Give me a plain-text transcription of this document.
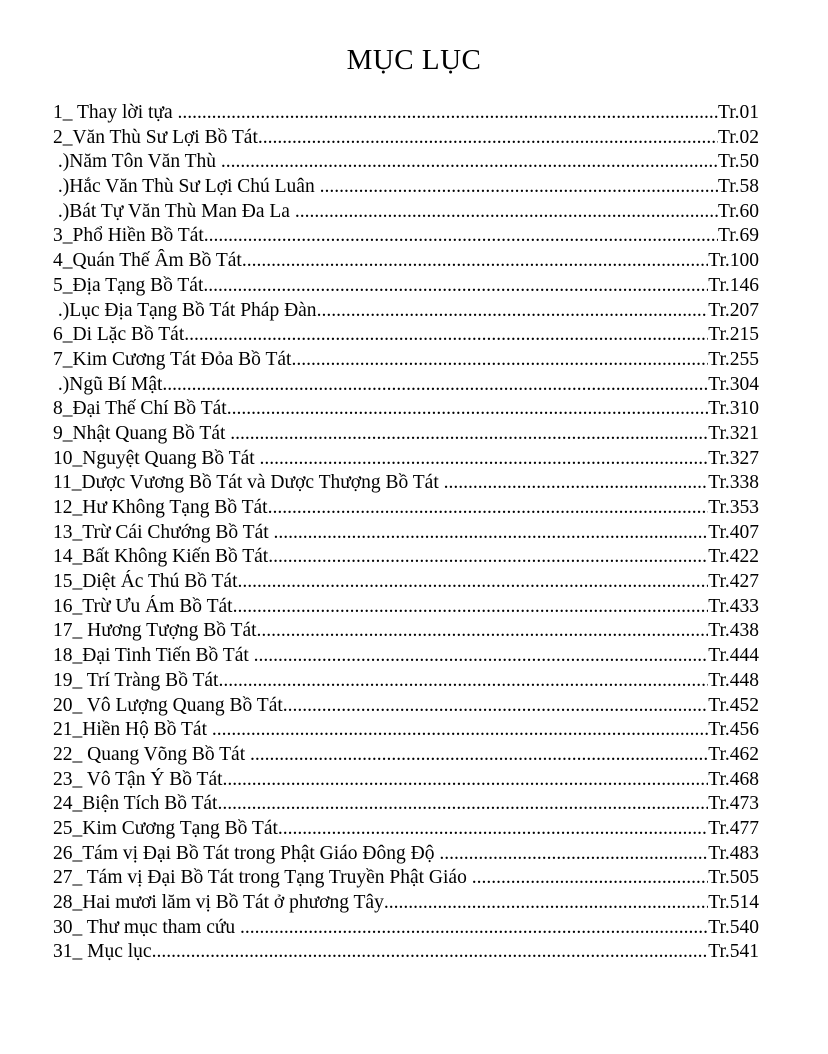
MỤC LỤC
1_ Thay lời tựa .....	Tr.01
2_Văn Thù Sư Lợi Bồ Tát .....	Tr.02
.)Năm Tôn Văn Thù .....	Tr.50
.)Hắc Văn Thù Sư Lợi Chú Luân .....	Tr.58
.)Bát Tự Văn Thù Man Đa La .....	Tr.60
3_Phổ Hiền Bồ Tát .....	Tr.69
4_Quán Thế Âm Bồ Tát .....	Tr.100
5_Địa Tạng Bồ Tát .....	Tr.146
.)Lục Địa Tạng Bồ Tát Pháp Đàn .....	Tr.207
6_Di Lặc Bồ Tát .....	Tr.215
7_Kim Cương Tát Đỏa Bồ Tát .....	Tr.255
.)Ngũ Bí Mật .....	Tr.304
8_Đại Thế Chí Bồ Tát .....	Tr.310
9_Nhật Quang Bồ Tát .....	Tr.321
10_Nguyệt Quang Bồ Tát .....	Tr.327
11_Dược Vương Bồ Tát và Dược Thượng Bồ Tát .....	Tr.338
12_Hư Không Tạng Bồ Tát .....	Tr.353
13_Trừ Cái Chướng Bồ Tát .....	Tr.407
14_Bất Không Kiến Bồ Tát .....	Tr.422
15_Diệt Ác Thú Bồ Tát .....	Tr.427
16_Trừ Ưu Ám Bồ Tát .....	Tr.433
17_ Hương Tượng Bồ Tát .....	Tr.438
18_Đại Tinh Tiến Bồ Tát .....	Tr.444
19_ Trí Tràng Bồ Tát .....	Tr.448
20_ Vô Lượng Quang Bồ Tát .....	Tr.452
21_Hiền Hộ Bồ Tát .....	Tr.456
22_ Quang Võng Bồ Tát .....	Tr.462
23_ Vô Tận Ý Bồ Tát .....	Tr.468
24_Biện Tích Bồ Tát .....	Tr.473
25_Kim Cương Tạng Bồ Tát .....	Tr.477
26_Tám vị Đại Bồ Tát trong Phật Giáo Đông Độ .....	Tr.483
27_ Tám vị Đại Bồ Tát trong Tạng Truyền Phật Giáo .....	Tr.505
28_Hai mươi lăm vị Bồ Tát ở phương Tây .....	Tr.514
30_ Thư mục tham cứu .....	Tr.540
31_ Mục lục .....	Tr.541
